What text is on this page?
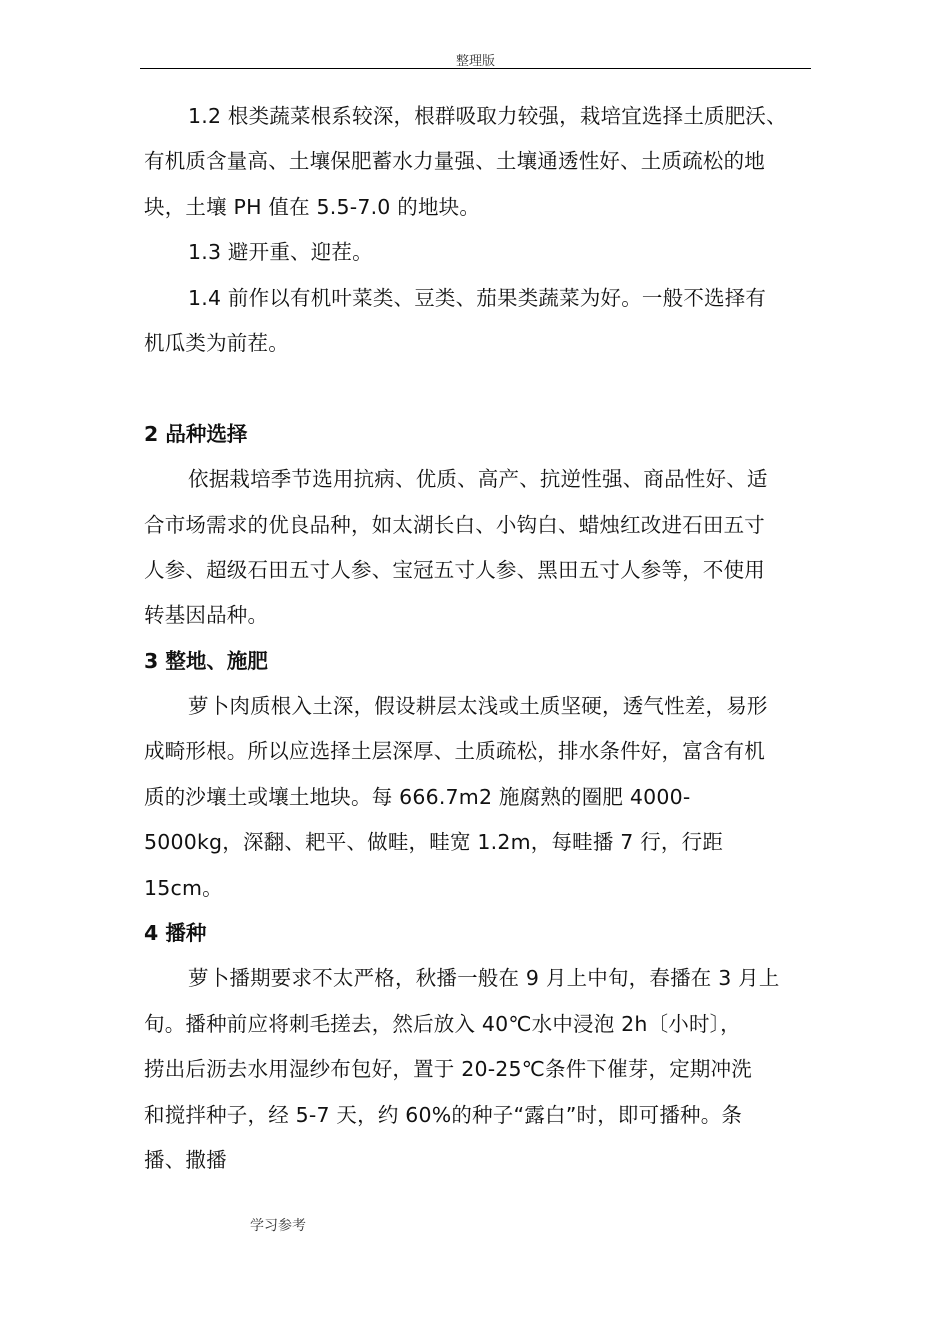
整理版
1.2 根类蔬菜根系较深，根群吸取力较强，栽培宜选择土质肥沃、
有机质含量高、土壤保肥蓄水力量强、土壤通透性好、土质疏松的地
块，土壤 PH 值在 5.5-7.0 的地块。
1.3 避开重、迎茬。
1.4 前作以有机叶菜类、豆类、茄果类蔬菜为好。一般不选择有
机瓜类为前茬。
2 品种选择
依据栽培季节选用抗病、优质、高产、抗逆性强、商品性好、适
合市场需求的优良品种，如太湖长白、小钩白、蜡烛红改进石田五寸
人参、超级石田五寸人参、宝冠五寸人参、黑田五寸人参等，不使用
转基因品种。
3 整地、施肥
萝卜肉质根入土深，假设耕层太浅或土质坚硬，透气性差，易形
成畸形根。所以应选择土层深厚、土质疏松，排水条件好，富含有机
质的沙壤土或壤土地块。每 666.7m2 施腐熟的圈肥 4000-
5000kg，深翻、耙平、做畦，畦宽 1.2m，每畦播 7 行，行距
15cm。
4 播种
萝卜播期要求不太严格，秋播一般在 9 月上中旬，春播在 3 月上
旬。播种前应将刺毛搓去，然后放入 40℃水中浸泡 2h〔小时〕，
捞出后沥去水用湿纱布包好，置于 20-25℃条件下催芽，定期冲洗
和搅拌种子，经 5-7 天，约 60%的种子“露白”时，即可播种。条
播、撒播
学习参考
